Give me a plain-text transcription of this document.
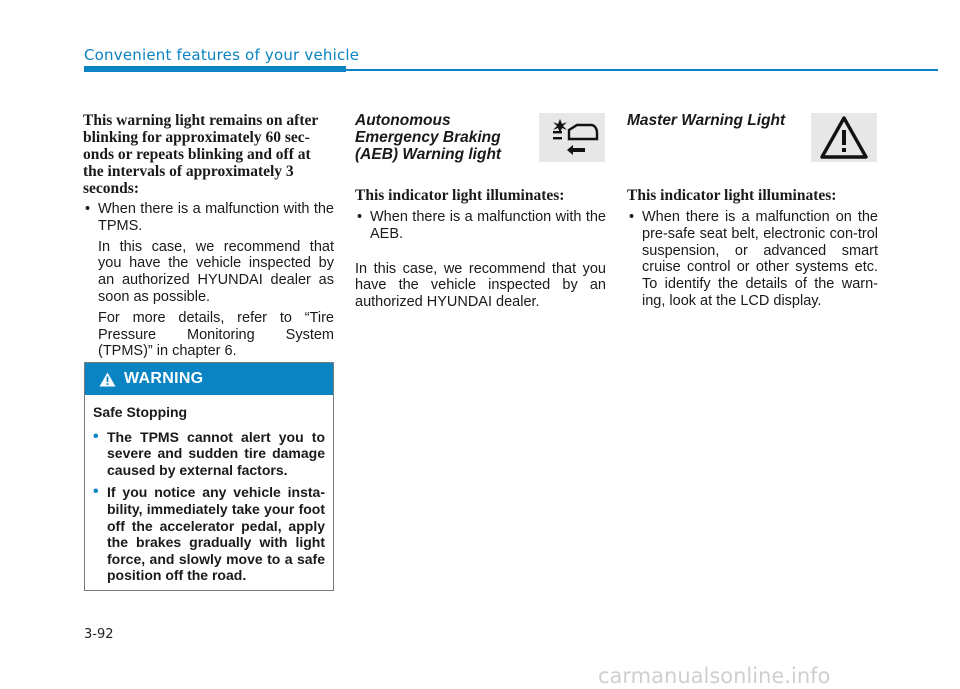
Convenient features of your vehicle

This warning light remains on after blinking for approximately 60 sec-onds or repeats blinking and off at the intervals of approximately 3 seconds:

• When there is a malfunction with the TPMS.

In this case, we recommend that you have the vehicle inspected by an authorized HYUNDAI dealer as soon as possible.

For more details, refer to “Tire Pressure Monitoring System (TPMS)” in chapter 6.

WARNING
Safe Stopping

• The TPMS cannot alert you to severe and sudden tire damage caused by external factors.

• If you notice any vehicle insta-bility, immediately take your foot off the accelerator pedal, apply the brakes gradually with light force, and slowly move to a safe position off the road.

Autonomous Emergency Braking (AEB) Warning light

This indicator light illuminates:

• When there is a malfunction with the AEB.

In this case, we recommend that you have the vehicle inspected by an authorized HYUNDAI dealer.

Master Warning Light

This indicator light illuminates:

• When there is a malfunction on the pre-safe seat belt, electronic con-trol suspension, or advanced smart cruise control or other systems etc. To identify the details of the warn-ing, look at the LCD display.

3-92
carmanualsonline.info
